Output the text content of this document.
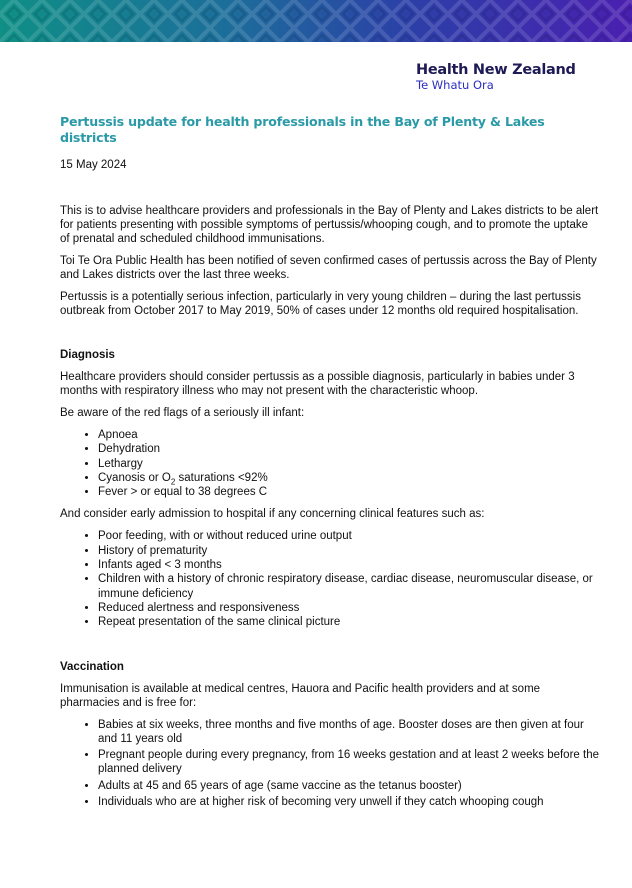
Health New Zealand
Te Whatu Ora
Pertussis update for health professionals in the Bay of Plenty & Lakes districts
15 May 2024

This is to advise healthcare providers and professionals in the Bay of Plenty and Lakes districts to be alert for patients presenting with possible symptoms of pertussis/whooping cough, and to promote the uptake of prenatal and scheduled childhood immunisations.

Toi Te Ora Public Health has been notified of seven confirmed cases of pertussis across the Bay of Plenty and Lakes districts over the last three weeks.

Pertussis is a potentially serious infection, particularly in very young children – during the last pertussis outbreak from October 2017 to May 2019, 50% of cases under 12 months old required hospitalisation.

Diagnosis

Healthcare providers should consider pertussis as a possible diagnosis, particularly in babies under 3 months with respiratory illness who may not present with the characteristic whoop.

Be aware of the red flags of a seriously ill infant:

• Apnoea
• Dehydration
• Lethargy
• Cyanosis or $O_2$ saturations <92%
• Fever > or equal to 38 degrees C

And consider early admission to hospital if any concerning clinical features such as:

• Poor feeding, with or without reduced urine output
• History of prematurity
• Infants aged < 3 months
• Children with a history of chronic respiratory disease, cardiac disease, neuromuscular disease, or immune deficiency
• Reduced alertness and responsiveness
• Repeat presentation of the same clinical picture
Vaccination

Immunisation is available at medical centres, Hauora and Pacific health providers and at some pharmacies and is free for:

• Babies at six weeks, three months and five months of age. Booster doses are then given at four and 11 years old
• Pregnant people during every pregnancy, from 16 weeks gestation and at least 2 weeks before the planned delivery
• Adults at 45 and 65 years of age (same vaccine as the tetanus booster)
• Individuals who are at higher risk of becoming very unwell if they catch whooping cough
